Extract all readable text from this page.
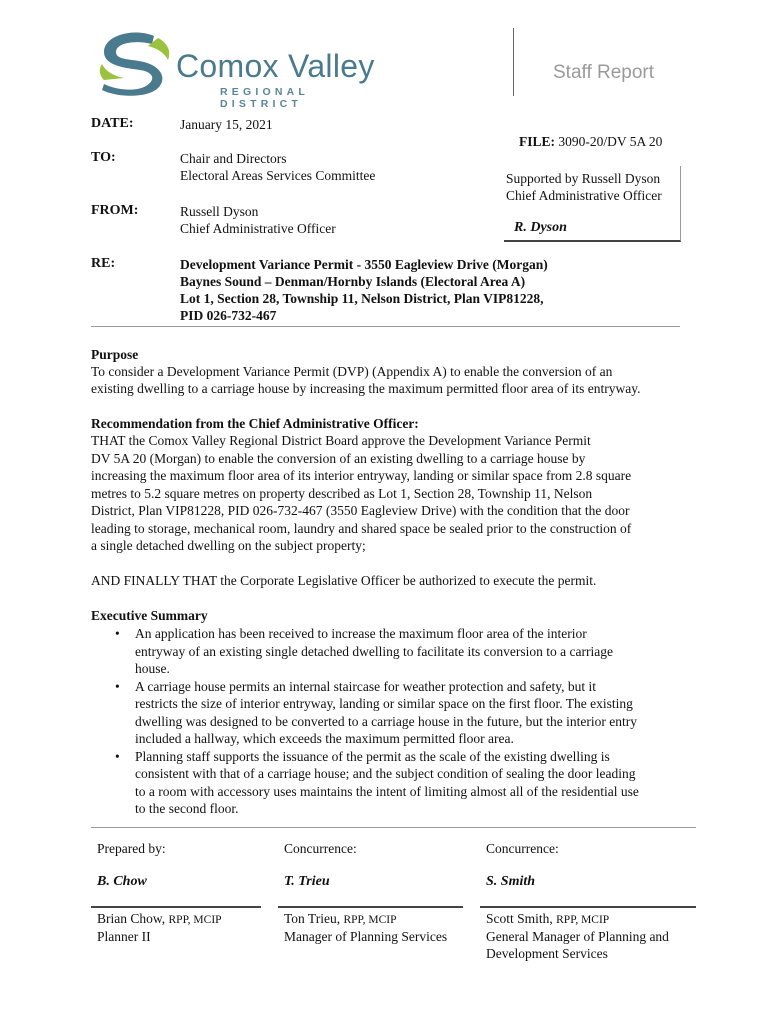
Comox Valley
REGIONAL DISTRICT
Staff Report
DATE:	January 15, 2021
FILE: 3090-20/DV 5A 20
TO:	Chair and Directors
Electoral Areas Services Committee	Supported by Russell Dyson
Chief Administrative Officer
R. Dyson
FROM:	Russell Dyson
Chief Administrative Officer
RE:	Development Variance Permit - 3550 Eagleview Drive (Morgan)
Baynes Sound – Denman/Hornby Islands (Electoral Area A)
Lot 1, Section 28, Township 11, Nelson District, Plan VIP81228,
PID 026-732-467
Purpose
To consider a Development Variance Permit (DVP) (Appendix A) to enable the conversion of an
existing dwelling to a carriage house by increasing the maximum permitted floor area of its entryway.
Recommendation from the Chief Administrative Officer:
THAT the Comox Valley Regional District Board approve the Development Variance Permit
DV 5A 20 (Morgan) to enable the conversion of an existing dwelling to a carriage house by
increasing the maximum floor area of its interior entryway, landing or similar space from 2.8 square
metres to 5.2 square metres on property described as Lot 1, Section 28, Township 11, Nelson
District, Plan VIP81228, PID 026-732-467 (3550 Eagleview Drive) with the condition that the door
leading to storage, mechanical room, laundry and shared space be sealed prior to the construction of
a single detached dwelling on the subject property;
AND FINALLY THAT the Corporate Legislative Officer be authorized to execute the permit.
Executive Summary
• An application has been received to increase the maximum floor area of the interior
entryway of an existing single detached dwelling to facilitate its conversion to a carriage
house.
• A carriage house permits an internal staircase for weather protection and safety, but it
restricts the size of interior entryway, landing or similar space on the first floor. The existing
dwelling was designed to be converted to a carriage house in the future, but the interior entry
included a hallway, which exceeds the maximum permitted floor area.
• Planning staff supports the issuance of the permit as the scale of the existing dwelling is
consistent with that of a carriage house; and the subject condition of sealing the door leading
to a room with accessory uses maintains the intent of limiting almost all of the residential use
to the second floor.
Prepared by:
B. Chow
Brian Chow, RPP, MCIP
Planner II
Concurrence:
T. Trieu
Ton Trieu, RPP, MCIP
Manager of Planning Services
Concurrence:
S. Smith
Scott Smith, RPP, MCIP
General Manager of Planning and
Development Services
